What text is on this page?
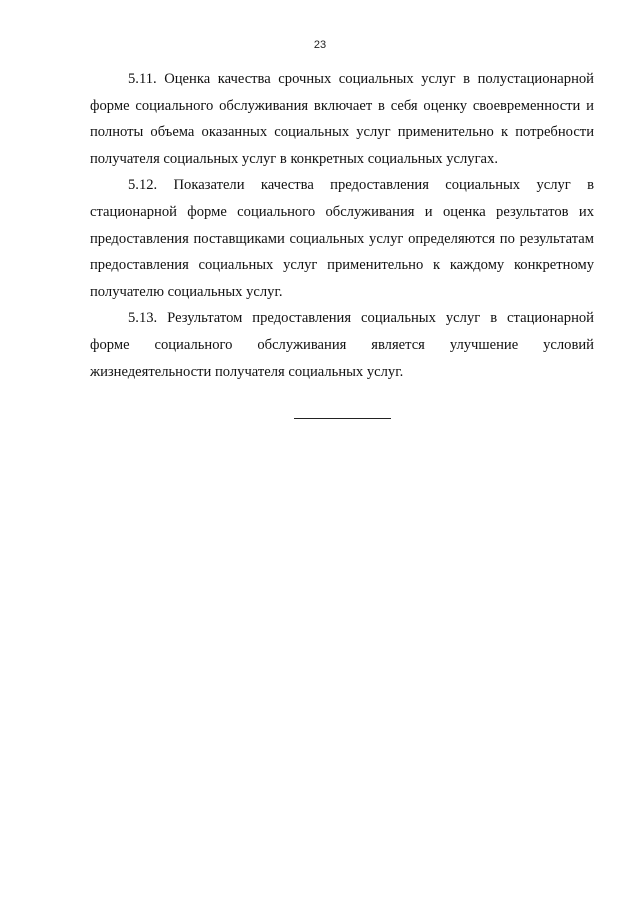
23

5.11. Оценка качества срочных социальных услуг в полустационарной форме социального обслуживания включает в себя оценку своевременности и полноты объема оказанных социальных услуг применительно к потребности получателя социальных услуг в конкретных социальных услугах.

5.12. Показатели качества предоставления социальных услуг в стационарной форме социального обслуживания и оценка результатов их предоставления поставщиками социальных услуг определяются по результатам предоставления социальных услуг применительно к каждому конкретному получателю социальных услуг.

5.13. Результатом предоставления социальных услуг в стационарной форме социального обслуживания является улучшение условий жизнедеятельности получателя социальных услуг.
